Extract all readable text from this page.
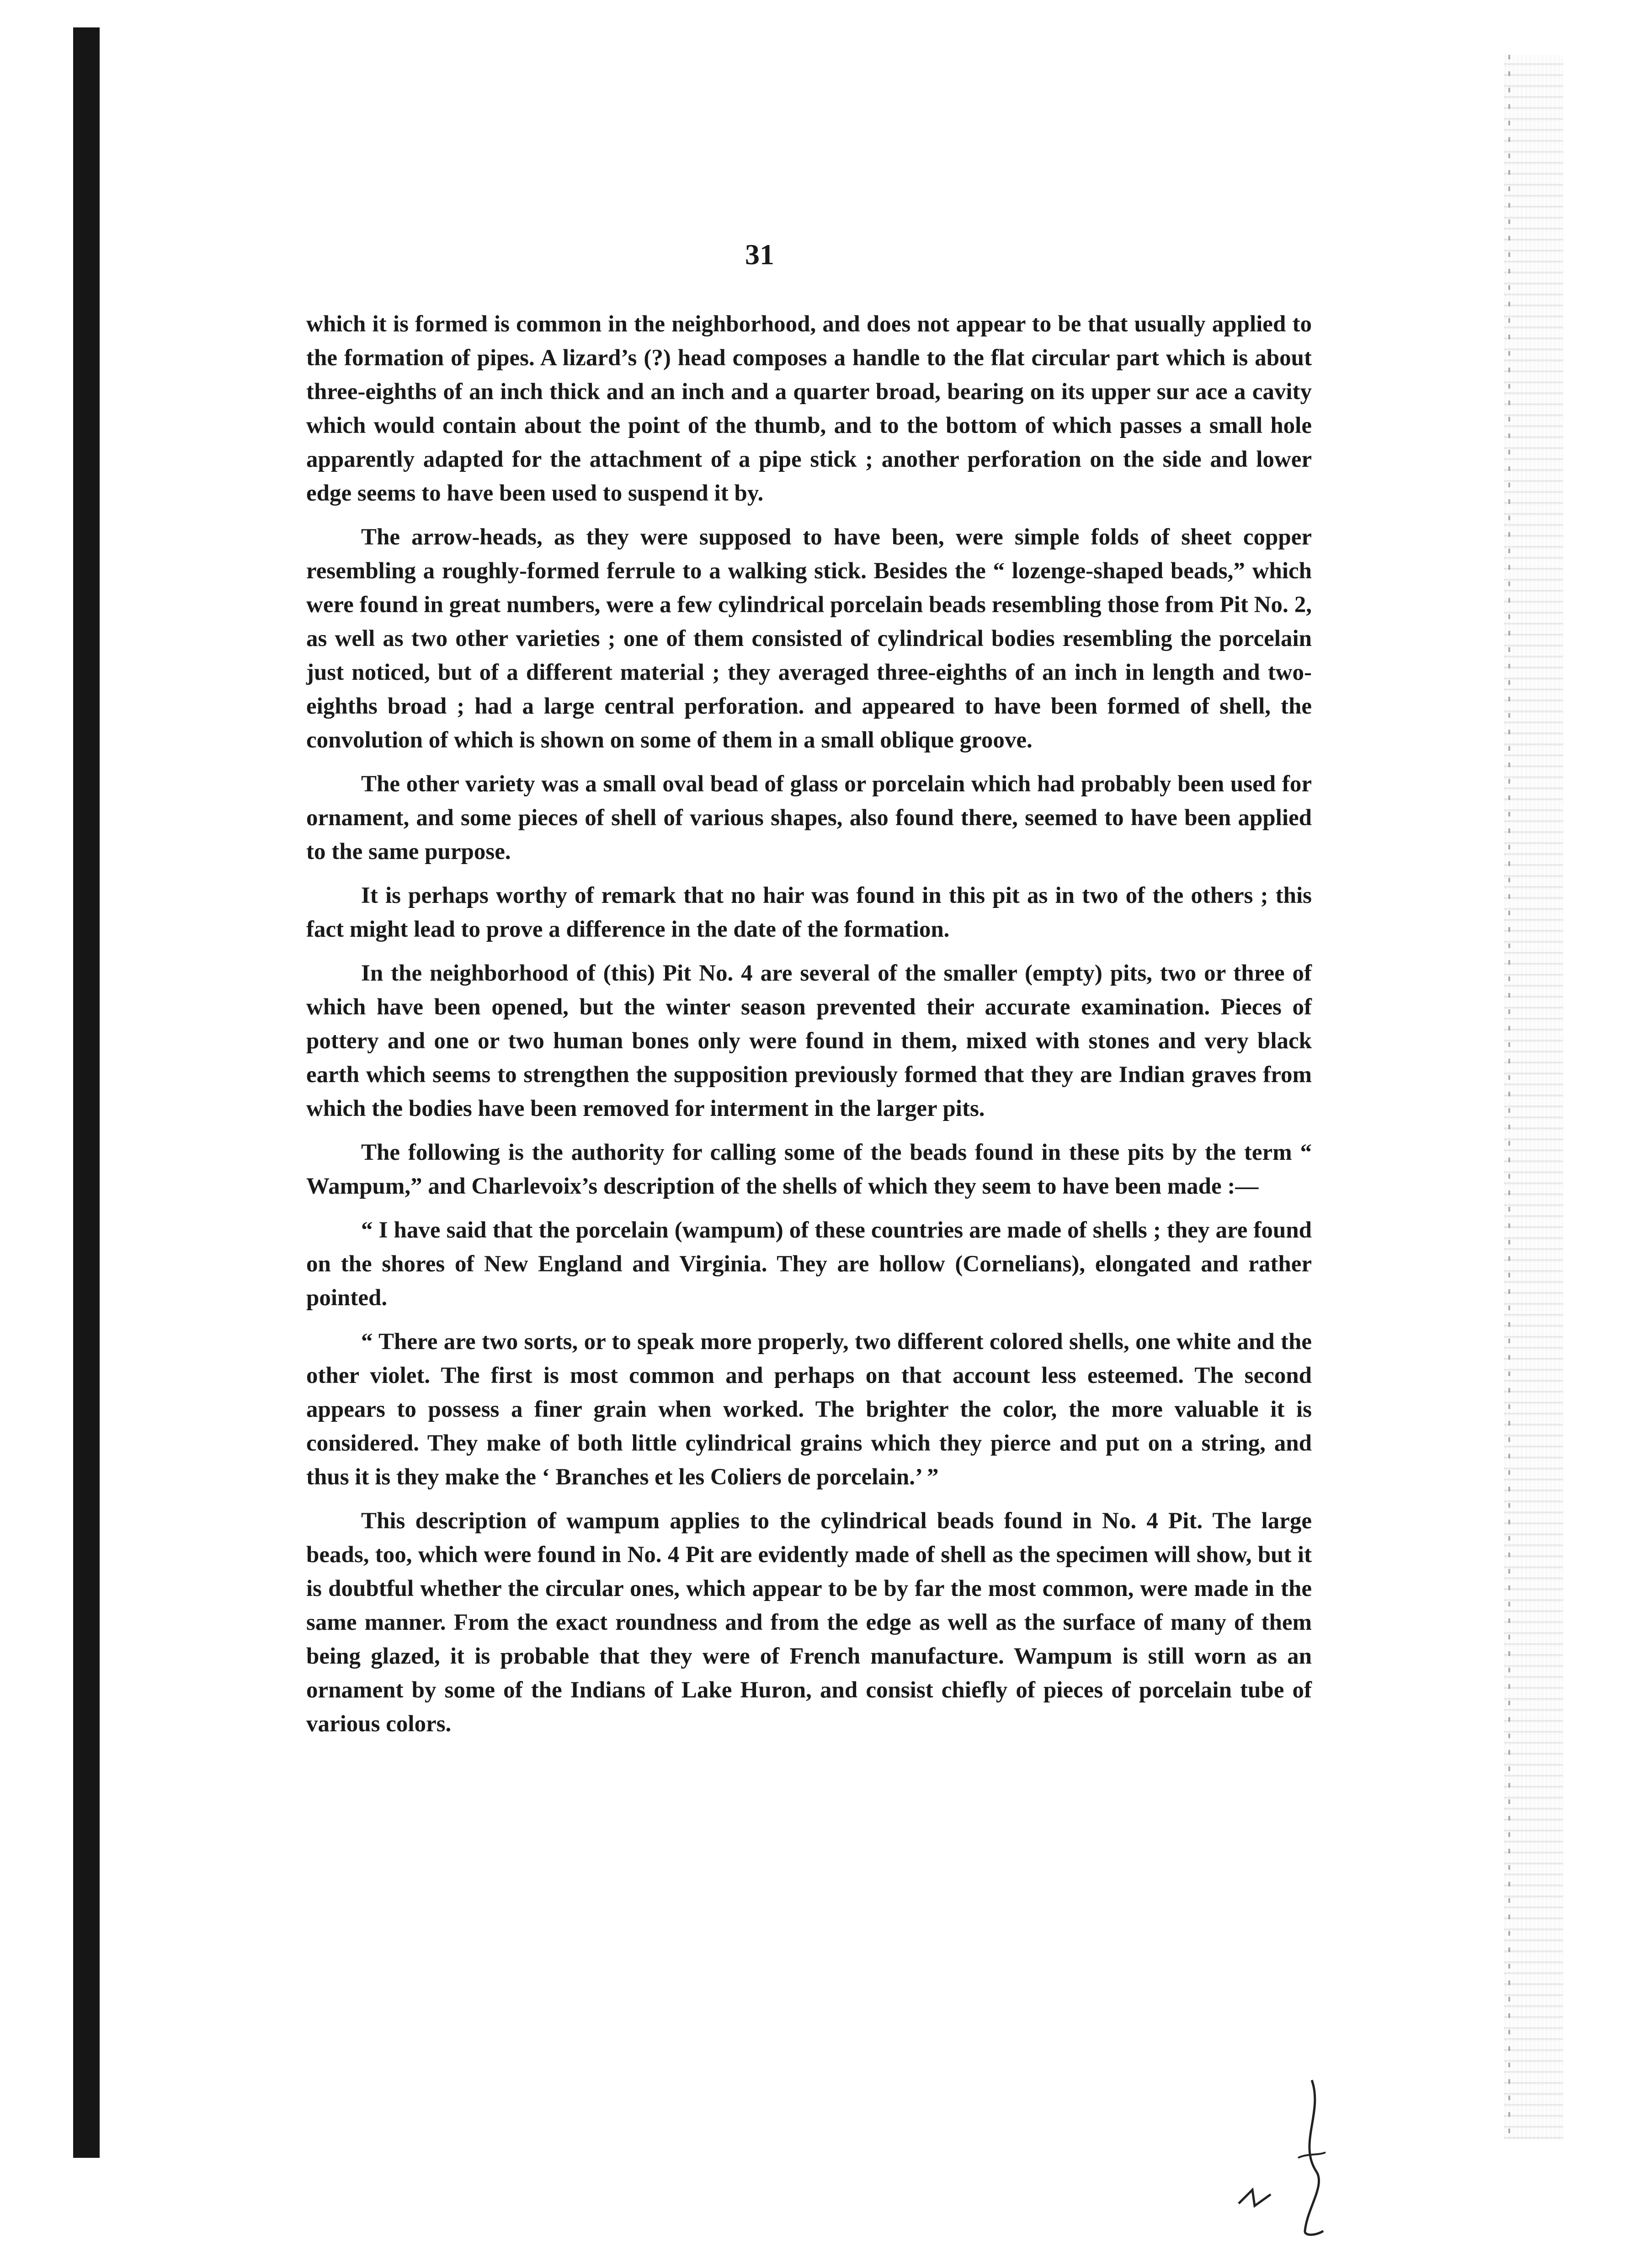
31

which it is formed is common in the neighborhood, and does not appear to be that usually applied to the formation of pipes. A lizard’s (?) head composes a handle to the flat circular part which is about three-eighths of an inch thick and an inch and a quarter broad, bearing on its upper sur ace a cavity which would contain about the point of the thumb, and to the bottom of which passes a small hole apparently adapted for the attachment of a pipe stick ; another perforation on the side and lower edge seems to have been used to suspend it by.

The arrow-heads, as they were supposed to have been, were simple folds of sheet copper resembling a roughly-formed ferrule to a walking stick. Besides the “ lozenge-shaped beads,” which were found in great numbers, were a few cylindrical porcelain beads resembling those from Pit No. 2, as well as two other varieties ; one of them consisted of cylindrical bodies resembling the porcelain just noticed, but of a different material ; they averaged three-eighths of an inch in length and two-eighths broad ; had a large central perforation. and appeared to have been formed of shell, the convolution of which is shown on some of them in a small oblique groove.

The other variety was a small oval bead of glass or porcelain which had probably been used for ornament, and some pieces of shell of various shapes, also found there, seemed to have been applied to the same purpose.

It is perhaps worthy of remark that no hair was found in this pit as in two of the others ; this fact might lead to prove a difference in the date of the formation.

In the neighborhood of (this) Pit No. 4 are several of the smaller (empty) pits, two or three of which have been opened, but the winter season prevented their accurate examination. Pieces of pottery and one or two human bones only were found in them, mixed with stones and very black earth which seems to strengthen the supposition previously formed that they are Indian graves from which the bodies have been removed for interment in the larger pits.

The following is the authority for calling some of the beads found in these pits by the term “ Wampum,” and Charlevoix’s description of the shells of which they seem to have been made :—

“ I have said that the porcelain (wampum) of these countries are made of shells ; they are found on the shores of New England and Virginia. They are hollow (Cornelians), elongated and rather pointed.

“ There are two sorts, or to speak more properly, two different colored shells, one white and the other violet. The first is most common and perhaps on that account less esteemed. The second appears to possess a finer grain when worked. The brighter the color, the more valuable it is considered. They make of both little cylindrical grains which they pierce and put on a string, and thus it is they make the ‘ Branches et les Coliers de porcelain.’ ”

This description of wampum applies to the cylindrical beads found in No. 4 Pit. The large beads, too, which were found in No. 4 Pit are evidently made of shell as the specimen will show, but it is doubtful whether the circular ones, which appear to be by far the most common, were made in the same manner. From the exact roundness and from the edge as well as the surface of many of them being glazed, it is probable that they were of French manufacture. Wampum is still worn as an ornament by some of the Indians of Lake Huron, and consist chiefly of pieces of porcelain tube of various colors.
